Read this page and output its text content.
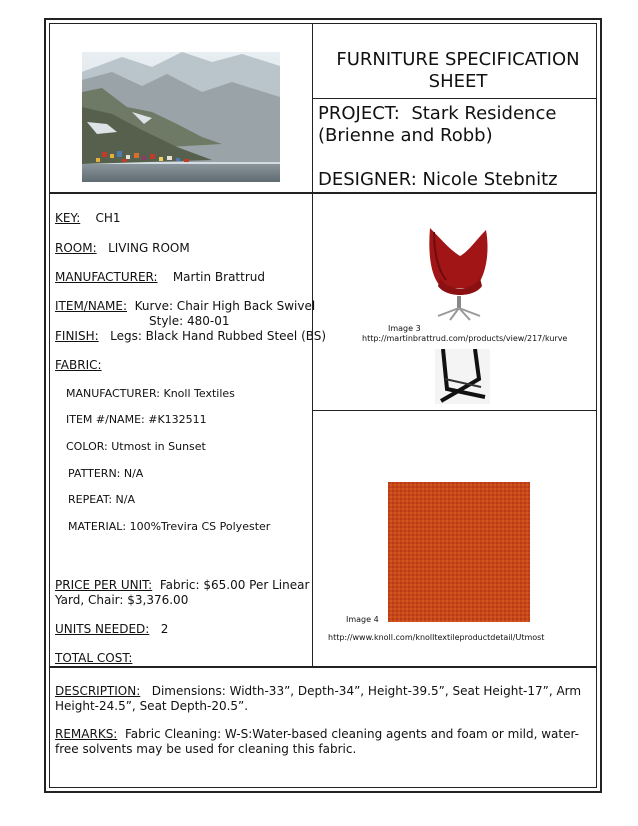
FURNITURE SPECIFICATION
SHEET
PROJECT: Stark Residence
(Brienne and Robb)
DESIGNER: Nicole Stebnitz
KEY: CH1
ROOM: LIVING ROOM
MANUFACTURER: Martin Brattrud
ITEM/NAME: Kurve: Chair High Back Swivel
Style: 480-01
FINISH: Legs: Black Hand Rubbed Steel (BS)
FABRIC:
MANUFACTURER: Knoll Textiles
ITEM #/NAME: #K132511
COLOR: Utmost in Sunset
PATTERN: N/A
REPEAT: N/A
MATERIAL: 100%Trevira CS Polyester
PRICE PER UNIT: Fabric: $65.00 Per Linear
Yard, Chair: $3,376.00
UNITS NEEDED: 2
TOTAL COST:
Image 3
http://martinbrattrud.com/products/view/217/kurve
Image 4
http://www.knoll.com/knolltextileproductdetail/Utmost
DESCRIPTION: Dimensions: Width-33”, Depth-34”, Height-39.5”, Seat Height-17”, Arm Height-24.5”, Seat Depth-20.5”.
REMARKS: Fabric Cleaning: W-S:Water-based cleaning agents and foam or mild, water-free solvents may be used for cleaning this fabric.
